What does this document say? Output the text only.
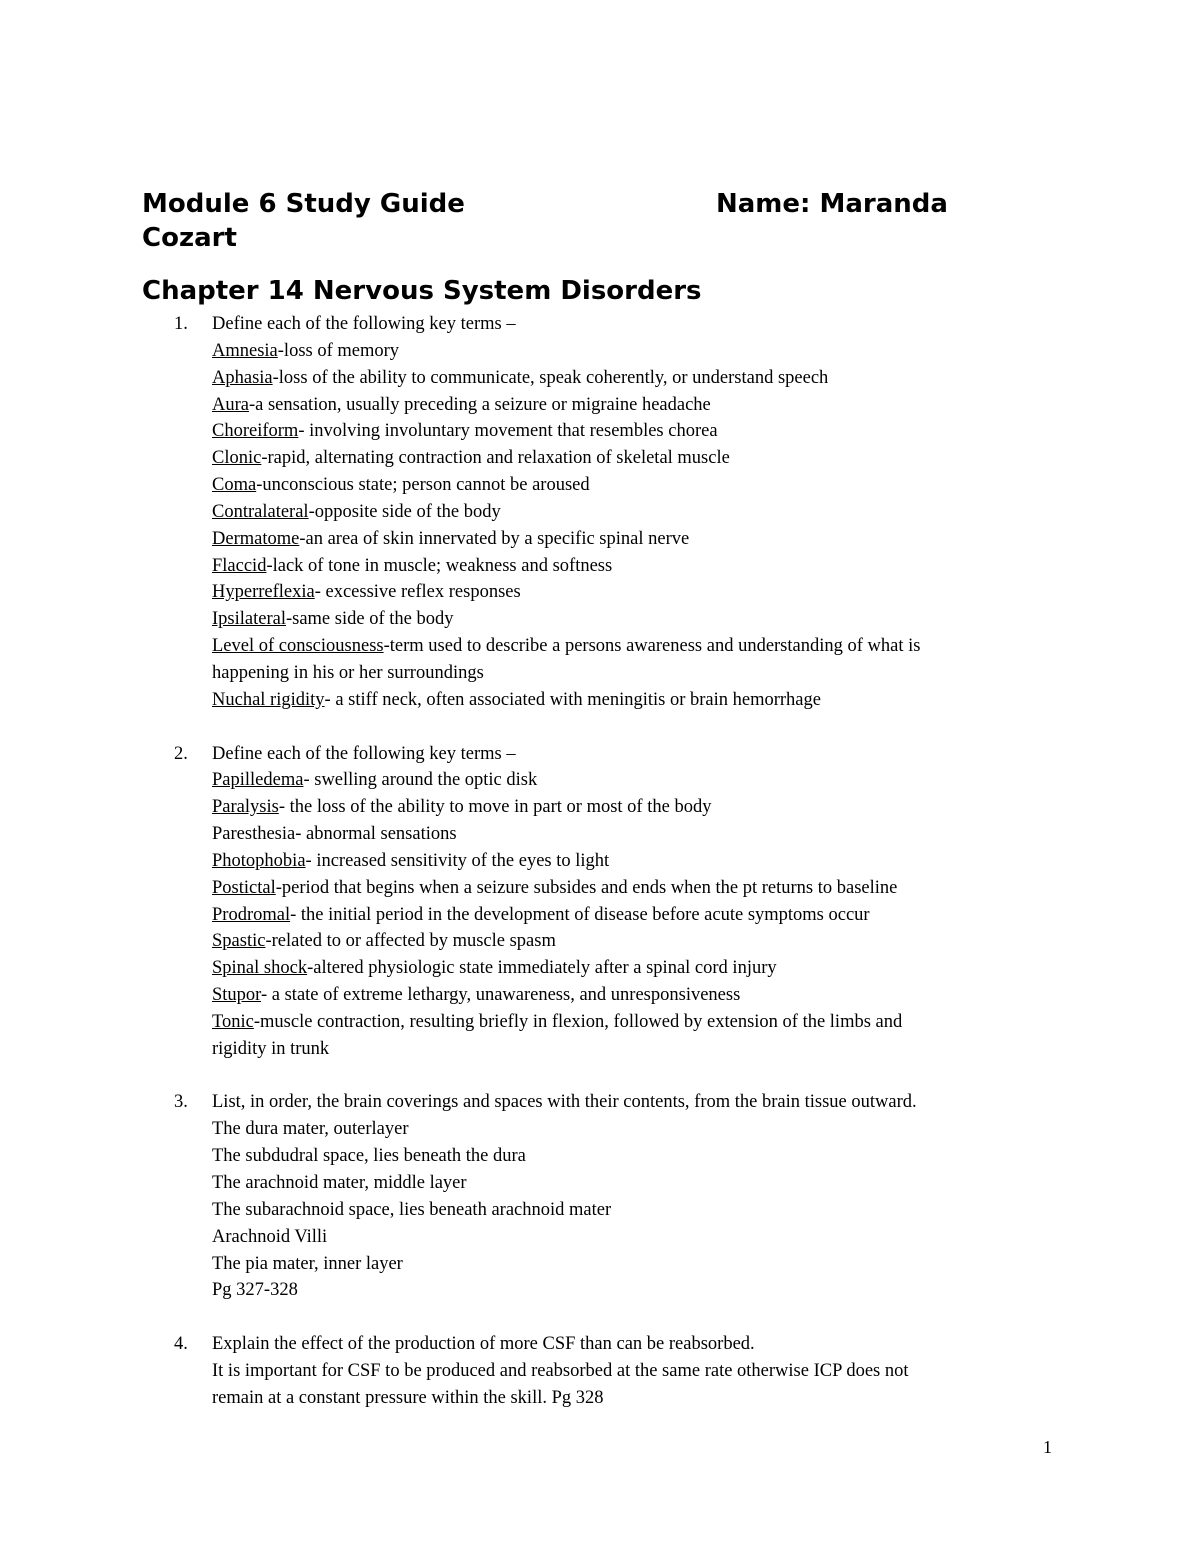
Module 6 Study Guide	Name: Maranda
Cozart
Chapter 14 Nervous System Disorders
1. Define each of the following key terms –
Amnesia-loss of memory
Aphasia-loss of the ability to communicate, speak coherently, or understand speech
Aura-a sensation, usually preceding a seizure or migraine headache
Choreiform- involving involuntary movement that resembles chorea
Clonic-rapid, alternating contraction and relaxation of skeletal muscle
Coma-unconscious state; person cannot be aroused
Contralateral-opposite side of the body
Dermatome-an area of skin innervated by a specific spinal nerve
Flaccid-lack of tone in muscle; weakness and softness
Hyperreflexia- excessive reflex responses
Ipsilateral-same side of the body
Level of consciousness-term used to describe a persons awareness and understanding of what is
happening in his or her surroundings
Nuchal rigidity- a stiff neck, often associated with meningitis or brain hemorrhage
2. Define each of the following key terms –
Papilledema- swelling around the optic disk
Paralysis- the loss of the ability to move in part or most of the body
Paresthesia- abnormal sensations
Photophobia- increased sensitivity of the eyes to light
Postictal-period that begins when a seizure subsides and ends when the pt returns to baseline
Prodromal- the initial period in the development of disease before acute symptoms occur
Spastic-related to or affected by muscle spasm
Spinal shock-altered physiologic state immediately after a spinal cord injury
Stupor- a state of extreme lethargy, unawareness, and unresponsiveness
Tonic-muscle contraction, resulting briefly in flexion, followed by extension of the limbs and
rigidity in trunk
3. List, in order, the brain coverings and spaces with their contents, from the brain tissue outward.
The dura mater, outerlayer
The subdudral space, lies beneath the dura
The arachnoid mater, middle layer
The subarachnoid space, lies beneath arachnoid mater
Arachnoid Villi
The pia mater, inner layer
Pg 327-328
4. Explain the effect of the production of more CSF than can be reabsorbed.
It is important for CSF to be produced and reabsorbed at the same rate otherwise ICP does not
remain at a constant pressure within the skill. Pg 328
1
